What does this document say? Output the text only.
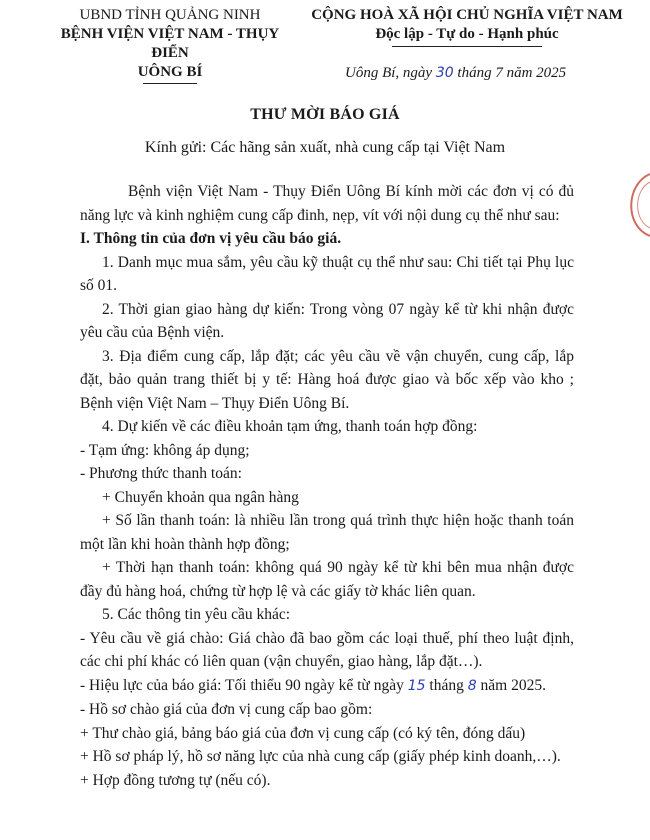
UBND TỈNH QUẢNG NINH
BỆNH VIỆN VIỆT NAM - THỤY ĐIỂN
UÔNG BÍ
CỘNG HOÀ XÃ HỘI CHỦ NGHĨA VIỆT NAM
Độc lập - Tự do - Hạnh phúc
Uông Bí, ngày 30 tháng 7 năm 2025
THƯ MỜI BÁO GIÁ
Kính gửi: Các hãng sản xuất, nhà cung cấp tại Việt Nam

Bệnh viện Việt Nam - Thụy Điển Uông Bí kính mời các đơn vị có đủ năng lực và kinh nghiệm cung cấp đinh, nẹp, vít với nội dung cụ thể như sau:

I. Thông tin của đơn vị yêu cầu báo giá.

1. Danh mục mua sắm, yêu cầu kỹ thuật cụ thể như sau: Chi tiết tại Phụ lục số 01.

2. Thời gian giao hàng dự kiến: Trong vòng 07 ngày kể từ khi nhận được yêu cầu của Bệnh viện.

3. Địa điểm cung cấp, lắp đặt; các yêu cầu về vận chuyển, cung cấp, lắp đặt, bảo quản trang thiết bị y tế: Hàng hoá được giao và bốc xếp vào kho ; Bệnh viện Việt Nam – Thụy Điển Uông Bí.

4. Dự kiến về các điều khoản tạm ứng, thanh toán hợp đồng:

- Tạm ứng: không áp dụng;

- Phương thức thanh toán:

+ Chuyển khoản qua ngân hàng

+ Số lần thanh toán: là nhiều lần trong quá trình thực hiện hoặc thanh toán một lần khi hoàn thành hợp đồng;

+ Thời hạn thanh toán: không quá 90 ngày kể từ khi bên mua nhận được đầy đủ hàng hoá, chứng từ hợp lệ và các giấy tờ khác liên quan.

5. Các thông tin yêu cầu khác:

- Yêu cầu về giá chào: Giá chào đã bao gồm các loại thuế, phí theo luật định, các chi phí khác có liên quan (vận chuyển, giao hàng, lắp đặt…).

- Hiệu lực của báo giá: Tối thiểu 90 ngày kể từ ngày 15 tháng 8 năm 2025.

- Hồ sơ chào giá của đơn vị cung cấp bao gồm:

+ Thư chào giá, bảng báo giá của đơn vị cung cấp (có ký tên, đóng dấu)

+ Hồ sơ pháp lý, hồ sơ năng lực của nhà cung cấp (giấy phép kinh doanh,…).

+ Hợp đồng tương tự (nếu có).
